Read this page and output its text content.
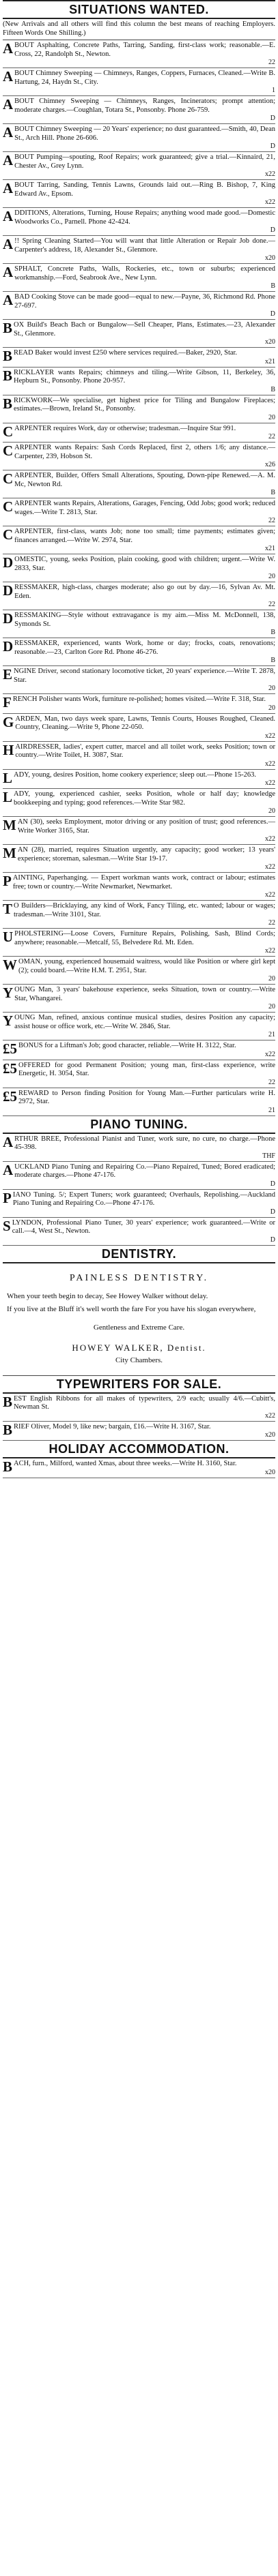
SITUATIONS WANTED.
(New Arrivals and all others will find this column the best means of reaching Employers. Fifteen Words One Shilling.)
ABOUT Asphalting, Concrete Paths, Tarring, Sanding, first-class work; reasonable.—E. Cross, 22, Randolph St., Newton.
22
ABOUT Chimney Sweeping — Chimneys, Ranges, Coppers, Furnaces, Cleaned.—Write B. Hartung, 24, Haydn St., City.
1
ABOUT Chimney Sweeping — Chimneys, Ranges, Incinerators; prompt attention; moderate charges.—Coughlan, Totara St., Ponsonby. Phone 26-759.
D
ABOUT Chimney Sweeping — 20 Years' experience; no dust guaranteed.—Smith, 40, Dean St., Arch Hill. Phone 26-606.
D
ABOUT Pumping—spouting, Roof Repairs; work guaranteed; give a trial.—Kinnaird, 21, Chester Av., Grey Lynn.
x22
ABOUT Tarring, Sanding, Tennis Lawns, Grounds laid out.—Ring B. Bishop, 7, King Edward Av., Epsom.
x22
ADDITIONS, Alterations, Turning, House Repairs; anything wood made good.—Domestic Woodworks Co., Parnell. Phone 42-424.
D
A !! Spring Cleaning Started—You will want that little Alteration or Repair Job done.—Carpenter's address, 18, Alexander St., Glenmore.
x20
ASPHALT, Concrete Paths, Walls, Rockeries, etc., town or suburbs; experienced workmanship.—Ford, Seabrook Ave., New Lynn.
B
ABAD Cooking Stove can be made good—equal to new.—Payne, 36, Richmond Rd. Phone 27-697.
D
BOX Build's Beach Bach or Bungalow—Sell Cheaper, Plans, Estimates.—23, Alexander St., Glenmore.
x20
BREAD Baker would invest £250 where services required.—Baker, 2920, Star.
x21
BRICKLAYER wants Repairs; chimneys and tiling.—Write Gibson, 11, Berkeley, 36, Hepburn St., Ponsonby. Phone 20-957.
B
BRICKWORK—We specialise, get highest price for Tiling and Bungalow Fireplaces; estimates.—Brown, Ireland St., Ponsonby.
20
CARPENTER requires Work, day or otherwise; tradesman.—Inquire Star 991.
22
CARPENTER wants Repairs: Sash Cords Replaced, first 2, others 1/6; any distance.—Carpenter, 239, Hobson St.
x26
CARPENTER, Builder, Offers Small Alterations, Spouting, Down-pipe Renewed.—A. M. Mc, Newton Rd.
B
CARPENTER wants Repairs, Alterations, Garages, Fencing, Odd Jobs; good work; reduced wages.—Write T. 2813, Star.
22
CARPENTER, first-class, wants Job; none too small; time payments; estimates given; finances arranged.—Write W. 2974, Star.
x21
DOMESTIC, young, seeks Position, plain cooking, good with children; urgent.—Write W. 2833, Star.
20
DRESSMAKER, high-class, charges moderate; also go out by day.—16, Sylvan Av. Mt. Eden.
22
DRESSMAKING—Style without extravagance is my aim.—Miss M. McDonnell, 138, Symonds St.
B
DRESSMAKER, experienced, wants Work, home or day; frocks, coats, renovations; reasonable.—23, Carlton Gore Rd. Phone 46-276.
B
ENGINE Driver, second stationary locomotive ticket, 20 years' experience.—Write T. 2878, Star.
20
FRENCH Polisher wants Work, furniture re-polished; homes visited.—Write F. 318, Star.
20
GARDEN, Man, two days week spare, Lawns, Tennis Courts, Houses Roughed, Cleaned. Country, Cleaning.—Write 9, Phone 22-050.
x22
HAIRDRESSER, ladies', expert cutter, marcel and all toilet work, seeks Position; town or country.—Write Toilet, H. 3087, Star.
x22
LADY, young, desires Position, home cookery experience; sleep out.—Phone 15-263.
x22
LADY, young, experienced cashier, seeks Position, whole or half day; knowledge bookkeeping and typing; good references.—Write Star 982.
20
MAN (30), seeks Employment, motor driving or any position of trust; good references.—Write Worker 3165, Star.
x22
MAN (28), married, requires Situation urgently, any capacity; good worker; 13 years' experience; storeman, salesman.—Write Star 19-17.
x22
PAINTING, Paperhanging. — Expert workman wants work, contract or labour; estimates free; town or country.—Write Newmarket, Newmarket.
x22
T O Builders—Bricklaying, any kind of Work, Fancy Tiling, etc. wanted; labour or wages; tradesman.—Write 3101, Star.
22
UPHOLSTERING—Loose Covers, Furniture Repairs, Polishing, Sash, Blind Cords; anywhere; reasonable.—Metcalf, 55, Belvedere Rd. Mt. Eden.
x22
WOMAN, young, experienced housemaid waitress, would like Position or where girl kept (2); could board.—Write H.M. T. 2951, Star.
20
YOUNG Man, 3 years' bakehouse experience, seeks Situation, town or country.—Write Star, Whangarei.
20
YOUNG Man, refined, anxious continue musical studies, desires Position any capacity; assist house or office work, etc.—Write W. 2846, Star.
21
£5 BONUS for a Liftman's Job; good character, reliable.—Write H. 3122, Star.
x22
£5 OFFERED for good Permanent Position; young man, first-class experience, write Energetic, H. 3054, Star.
22
£5 REWARD to Person finding Position for Young Man.—Further particulars write H. 2972, Star.
21
PIANO TUNING.
ARTHUR BREE, Professional Pianist and Tuner, work sure, no cure, no charge.—Phone 45-398.
THF
AUCKLAND Piano Tuning and Repairing Co.—Piano Repaired, Tuned; Bored eradicated; moderate charges.—Phone 47-176.
D
PIANO Tuning. 5/; Expert Tuners; work guaranteed; Overhauls, Repolishing.—Auckland Piano Tuning and Repairing Co.—Phone 47-176.
D
SLYNDON, Professional Piano Tuner, 30 years' experience; work guaranteed.—Write or call.—4, West St., Newton.
D
DENTISTRY.
PAINLESS DENTISTRY.
When your teeth begin to decay, See Howey Walker without delay.
If you live at the Bluff it's well worth the fare For you have his slogan everywhere,
Gentleness and Extreme Care.
HOWEY WALKER, Dentist.
City Chambers.
TYPEWRITERS FOR SALE.
BEST English Ribbons for all makes of typewriters, 2/9 each; usually 4/6.—Cubitt's, Newman St.
x22
BRIEF Oliver, Model 9, like new; bargain, £16.—Write H. 3167, Star.
x20
HOLIDAY ACCOMMODATION.
BACH, furn., Milford, wanted Xmas, about three weeks.—Write H. 3160, Star.
x20
